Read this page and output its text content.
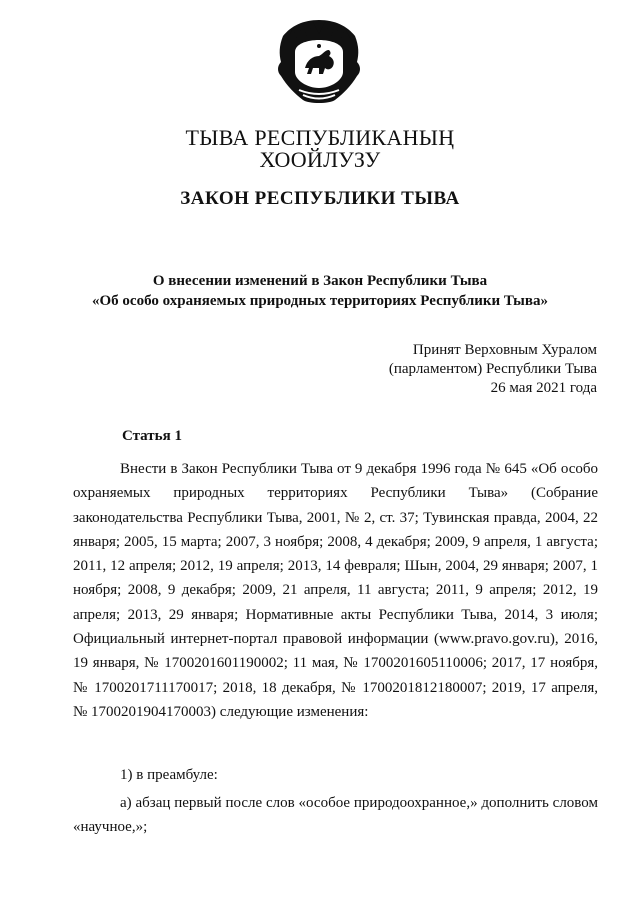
ТЫВА РЕСПУБЛИКАНЫҢ
ХООЙЛУЗУ
ЗАКОН РЕСПУБЛИКИ ТЫВА
О внесении изменений в Закон Республики Тыва
«Об особо охраняемых природных территориях Республики Тыва»
Принят Верховным Хуралом
(парламентом) Республики Тыва
26 мая 2021 года
Статья 1

Внести в Закон Республики Тыва от 9 декабря 1996 года № 645 «Об особо охраняемых природных территориях Республики Тыва» (Собрание законодательства Республики Тыва, 2001, № 2, ст. 37; Тувинская правда, 2004, 22 января; 2005, 15 марта; 2007, 3 ноября; 2008, 4 декабря; 2009, 9 апреля, 1 августа; 2011, 12 апреля; 2012, 19 апреля; 2013, 14 февраля; Шын, 2004, 29 января; 2007, 1 ноября; 2008, 9 декабря; 2009, 21 апреля, 11 августа; 2011, 9 апреля; 2012, 19 апреля; 2013, 29 января; Нормативные акты Республики Тыва, 2014, 3 июля; Официальный интернет-портал правовой информации (www.pravo.gov.ru), 2016, 19 января, № 1700201601190002; 11 мая, № 1700201605110006; 2017, 17 ноября, № 1700201711170017; 2018, 18 декабря, № 1700201812180007; 2019, 17 апреля, № 1700201904170003) следующие изменения:

1) в преамбуле:

а) абзац первый после слов «особое природоохранное,» дополнить словом «научное,»;
